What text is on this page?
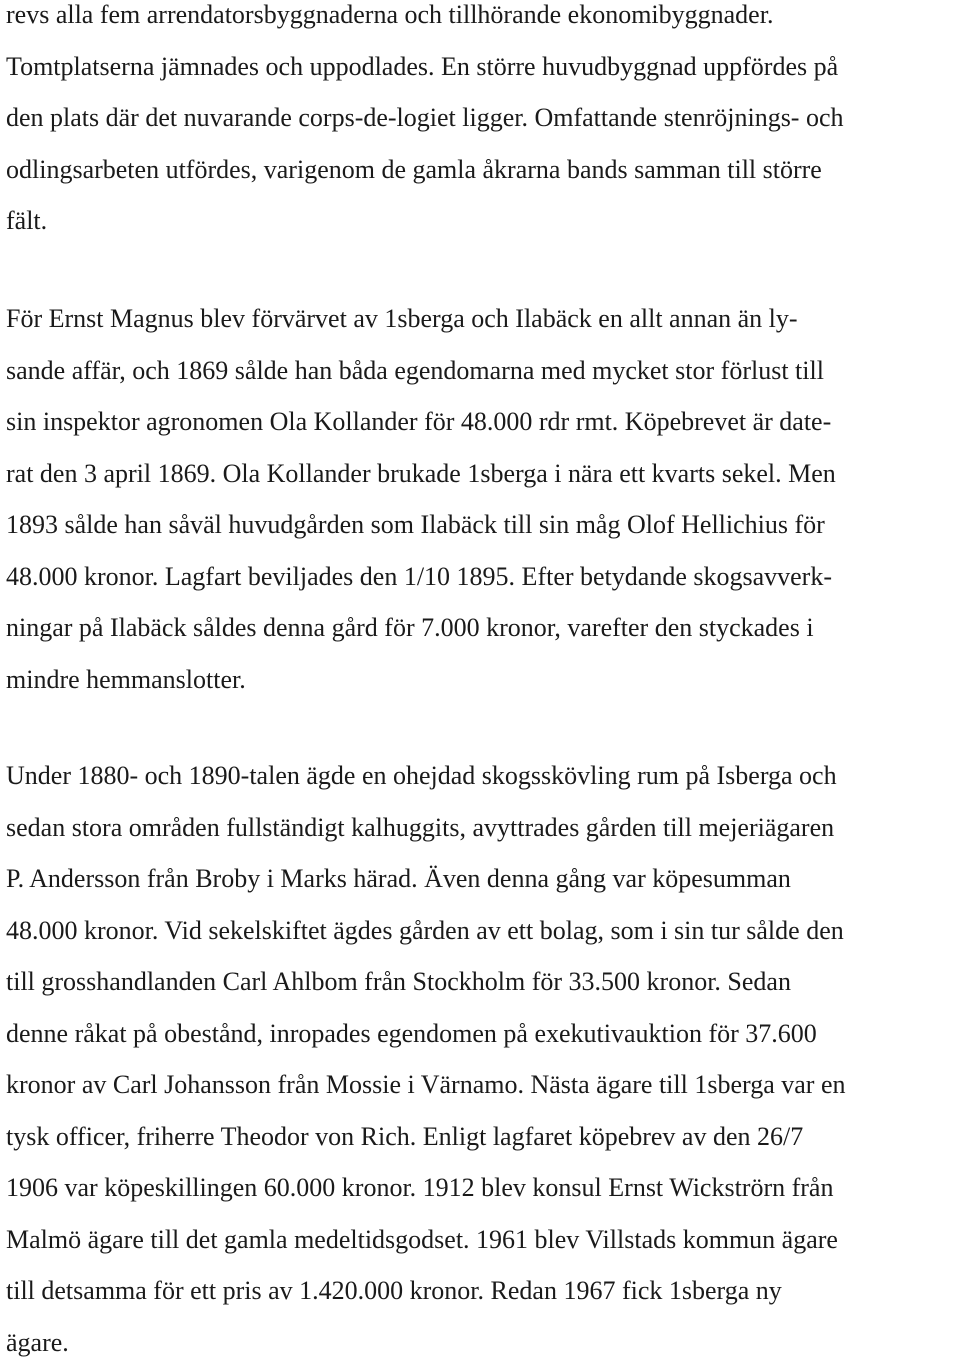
revs alla fem arrendatorsbyggnaderna och tillhörande ekonomibyggnader.
Tomtplatserna jämnades och uppodlades. En större huvudbyggnad uppfördes på
den plats där det nuvarande corps-de-logiet ligger. Omfattande stenröjnings- och
odlingsarbeten utfördes, varigenom de gamla åkrarna bands samman till större
fält.
För Ernst Magnus blev förvärvet av 1sberga och Ilabäck en allt annan än ly-
sande affär, och 1869 sålde han båda egendomarna med mycket stor förlust till
sin inspektor agronomen Ola Kollander för 48.000 rdr rmt. Köpebrevet är date-
rat den 3 april 1869. Ola Kollander brukade 1sberga i nära ett kvarts sekel. Men
1893 sålde han såväl huvudgården som Ilabäck till sin måg Olof Hellichius för
48.000 kronor. Lagfart beviljades den 1/10 1895. Efter betydande skogsavverk-
ningar på Ilabäck såldes denna gård för 7.000 kronor, varefter den styckades i
mindre hemmanslotter.
Under 1880- och 1890-talen ägde en ohejdad skogsskövling rum på Isberga och
sedan stora områden fullständigt kalhuggits, avyttrades gården till mejeriägaren
P. Andersson från Broby i Marks härad. Även denna gång var köpesumman
48.000 kronor. Vid sekelskiftet ägdes gården av ett bolag, som i sin tur sålde den
till grosshandlanden Carl Ahlbom från Stockholm för 33.500 kronor. Sedan
denne råkat på obestånd, inropades egendomen på exekutivauktion för 37.600
kronor av Carl Johansson från Mossie i Värnamo. Nästa ägare till 1sberga var en
tysk officer, friherre Theodor von Rich. Enligt lagfaret köpebrev av den 26/7
1906 var köpeskillingen 60.000 kronor. 1912 blev konsul Ernst Wickströrn från
Malmö ägare till det gamla medeltidsgodset. 1961 blev Villstads kommun ägare
till detsamma för ett pris av 1.420.000 kronor. Redan 1967 fick 1sberga ny
ägare.
